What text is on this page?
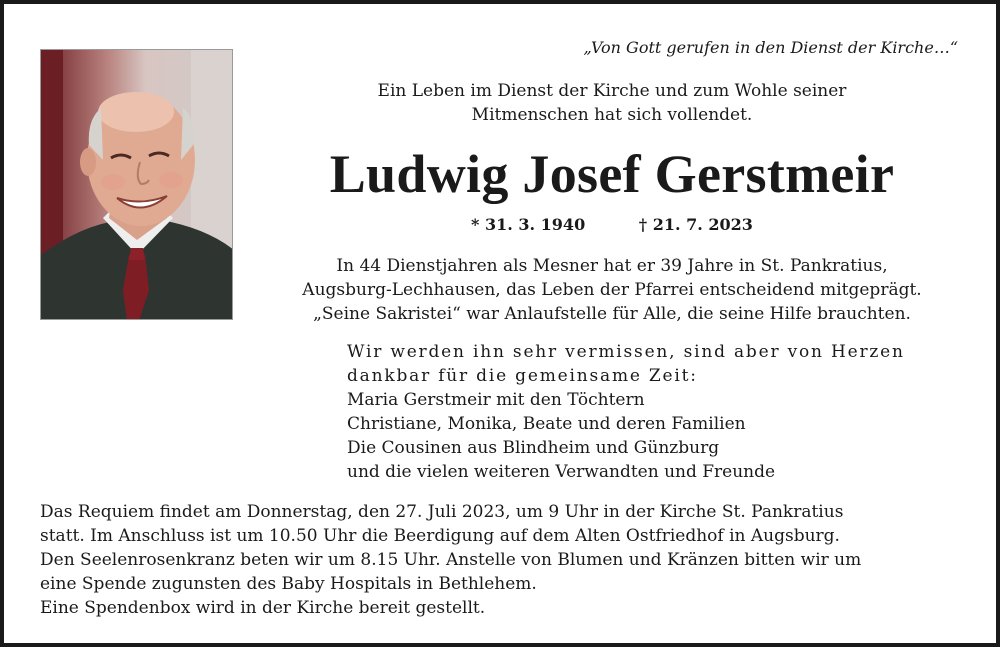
„Von Gott gerufen in den Dienst der Kirche…“
Ein Leben im Dienst der Kirche und zum Wohle seiner
Mitmenschen hat sich vollendet.
Ludwig Josef Gerstmeir
* 31. 3. 1940	† 21. 7. 2023
In 44 Dienstjahren als Mesner hat er 39 Jahre in St. Pankratius,
Augsburg-Lechhausen, das Leben der Pfarrei entscheidend mitgeprägt.
„Seine Sakristei“ war Anlaufstelle für Alle, die seine Hilfe brauchten.
Wir werden ihn sehr vermissen, sind aber von Herzen
dankbar für die gemeinsame Zeit:
Maria Gerstmeir mit den Töchtern
Christiane, Monika, Beate und deren Familien
Die Cousinen aus Blindheim und Günzburg
und die vielen weiteren Verwandten und Freunde
Das Requiem findet am Donnerstag, den 27. Juli 2023, um 9 Uhr in der Kirche St. Pankratius
statt. Im Anschluss ist um 10.50 Uhr die Beerdigung auf dem Alten Ostfriedhof in Augsburg.
Den Seelenrosenkranz beten wir um 8.15 Uhr. Anstelle von Blumen und Kränzen bitten wir um
eine Spende zugunsten des Baby Hospitals in Bethlehem.
Eine Spendenbox wird in der Kirche bereit gestellt.
